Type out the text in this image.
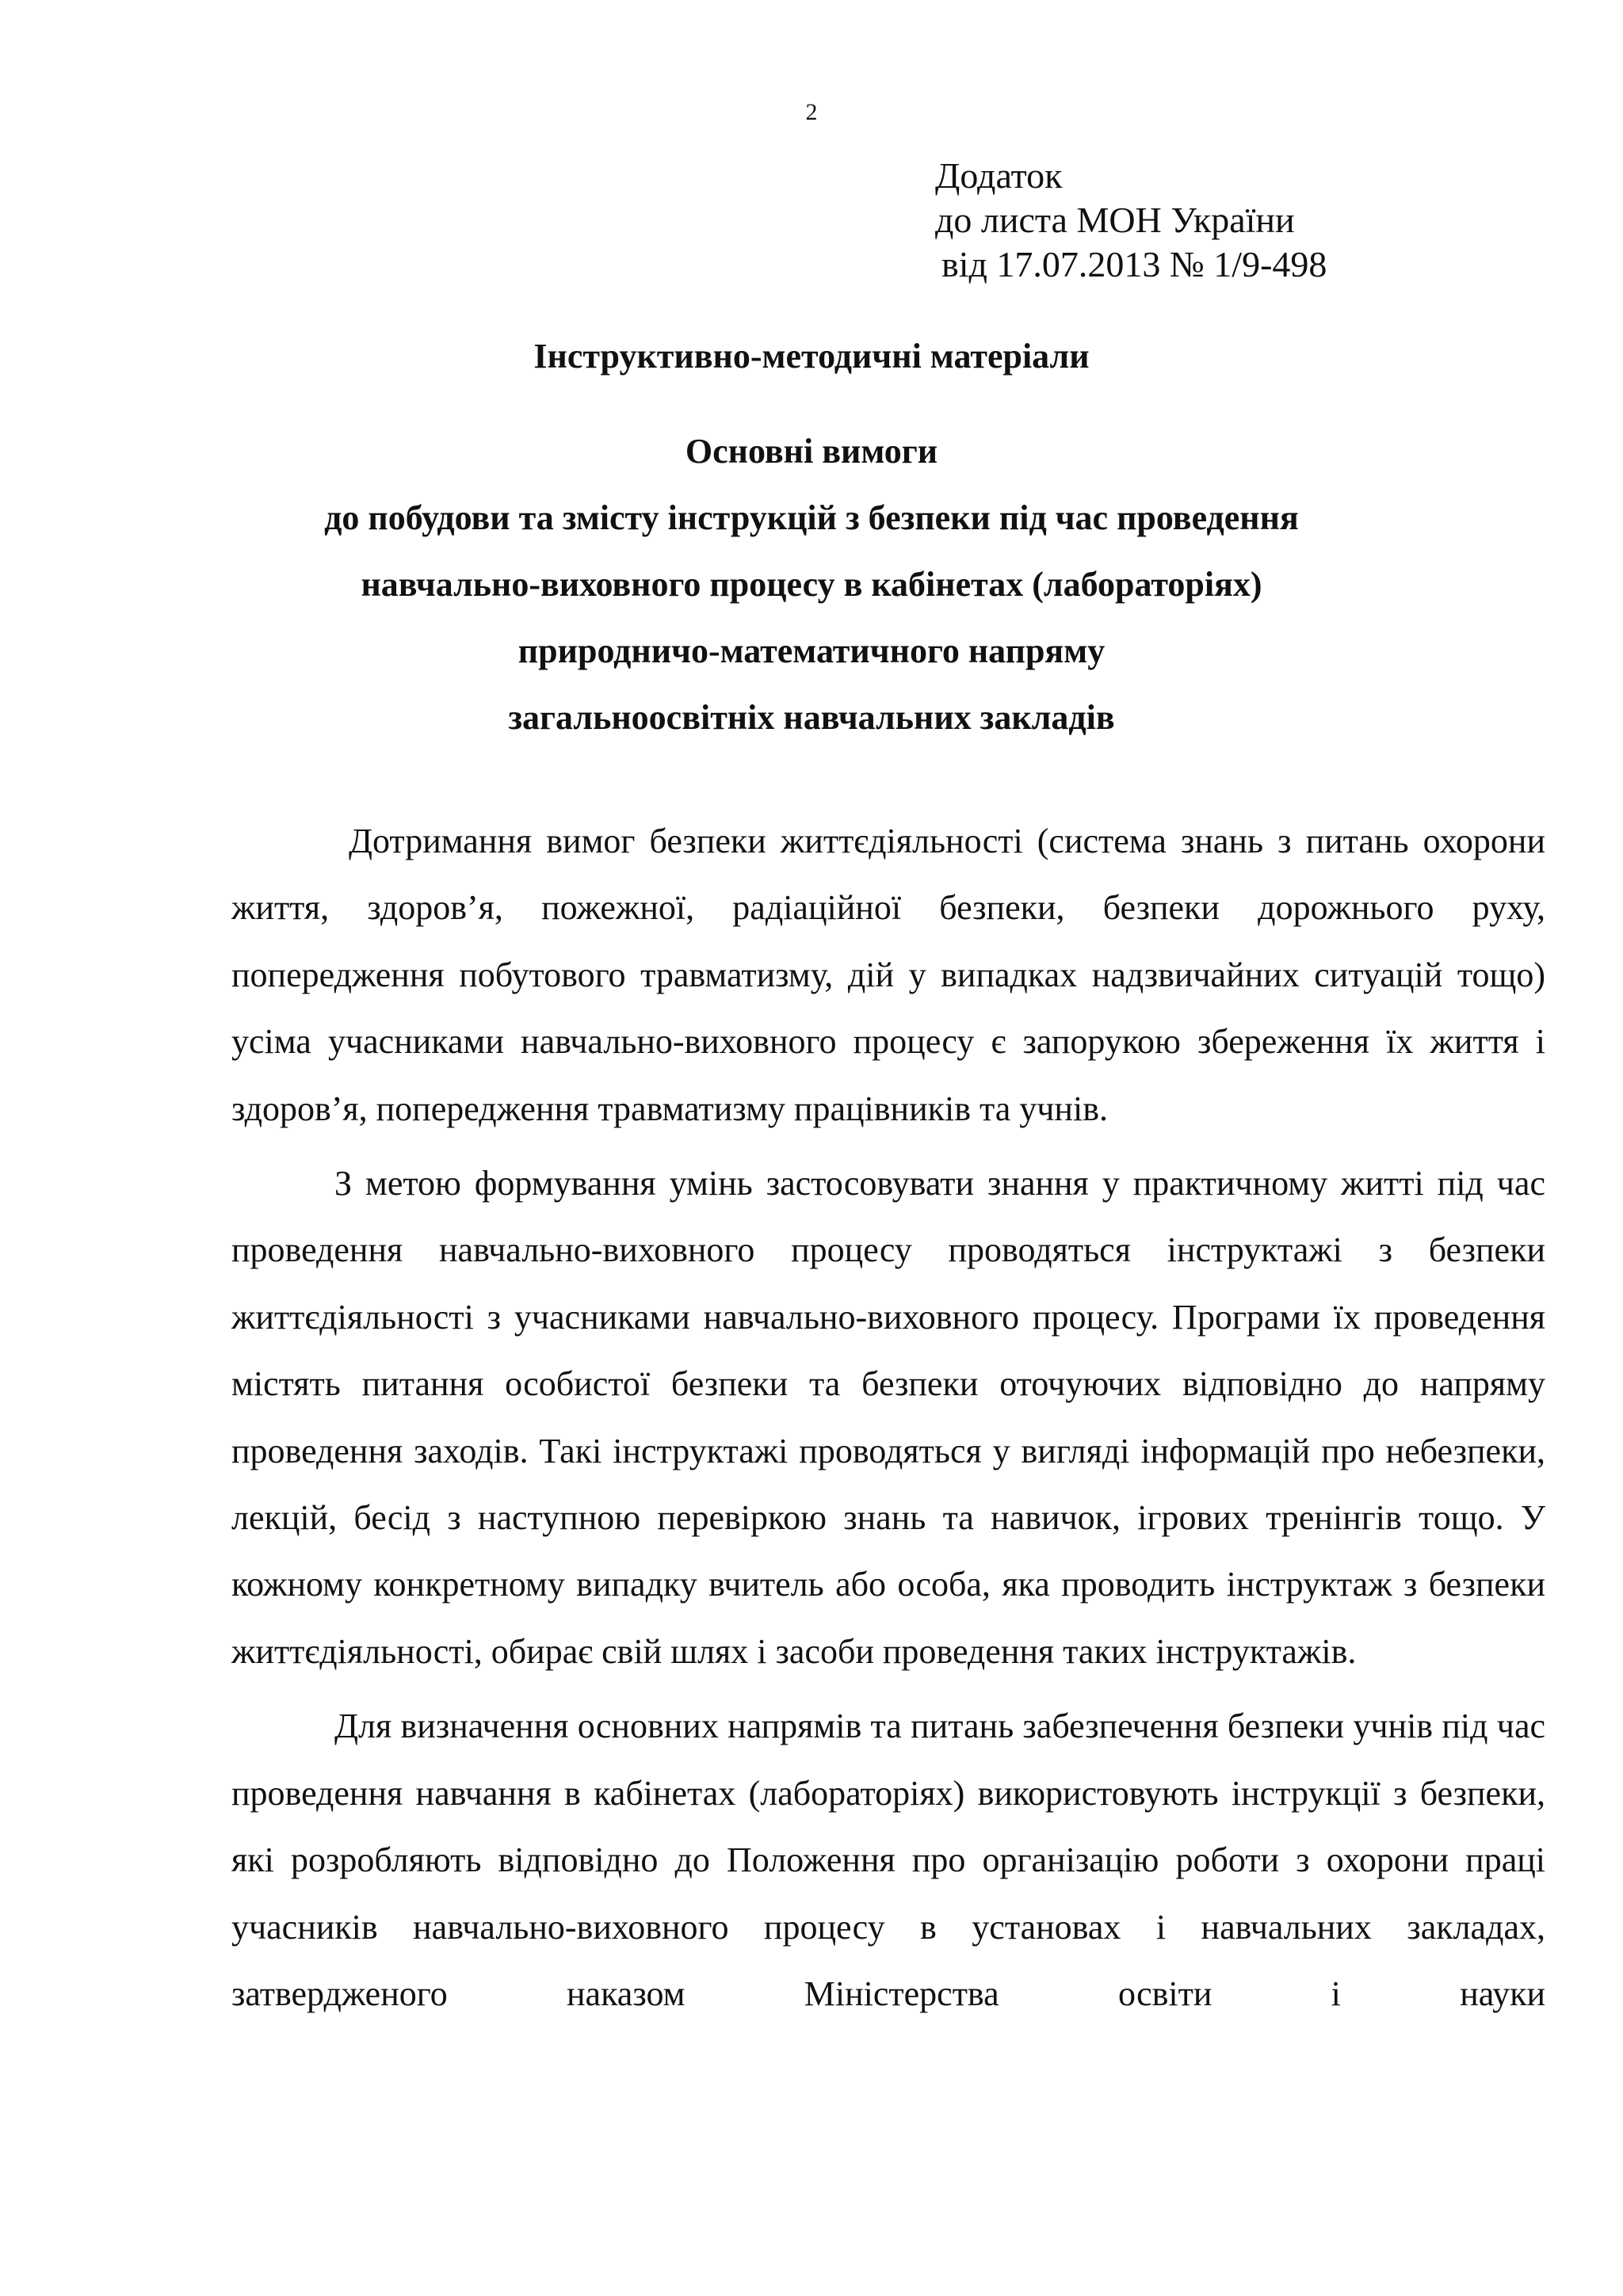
2
Додаток
до листа МОН України
від 17.07.2013 № 1/9-498
Інструктивно-методичні матеріали
Основні вимоги
до побудови та змісту інструкцій з безпеки під час проведення
навчально-виховного процесу в кабінетах (лабораторіях)
природничо-математичного напряму
загальноосвітніх навчальних закладів

Дотримання вимог безпеки життєдіяльності (система знань з питань охорони життя, здоров’я, пожежної, радіаційної безпеки, безпеки дорожнього руху, попередження побутового травматизму, дій у випадках надзвичайних ситуацій тощо) усіма учасниками навчально-виховного процесу є запорукою збереження їх життя і здоров’я, попередження травматизму працівників та учнів.

З метою формування умінь застосовувати знання у практичному житті під час проведення навчально-виховного процесу проводяться інструктажі з безпеки життєдіяльності з учасниками навчально-виховного процесу. Програми їх проведення містять питання особистої безпеки та безпеки оточуючих відповідно до напряму проведення заходів. Такі інструктажі проводяться у вигляді інформацій про небезпеки, лекцій, бесід з наступною перевіркою знань та навичок, ігрових тренінгів тощо. У кожному конкретному випадку вчитель або особа, яка проводить інструктаж з безпеки життєдіяльності, обирає свій шлях і засоби проведення таких інструктажів.

Для визначення основних напрямів та питань забезпечення безпеки учнів під час проведення навчання в кабінетах (лабораторіях) використовують інструкції з безпеки, які розробляють відповідно до Положення про організацію роботи з охорони праці учасників навчально-виховного процесу в установах і навчальних закладах, затвердженого наказом Міністерства освіти і науки
